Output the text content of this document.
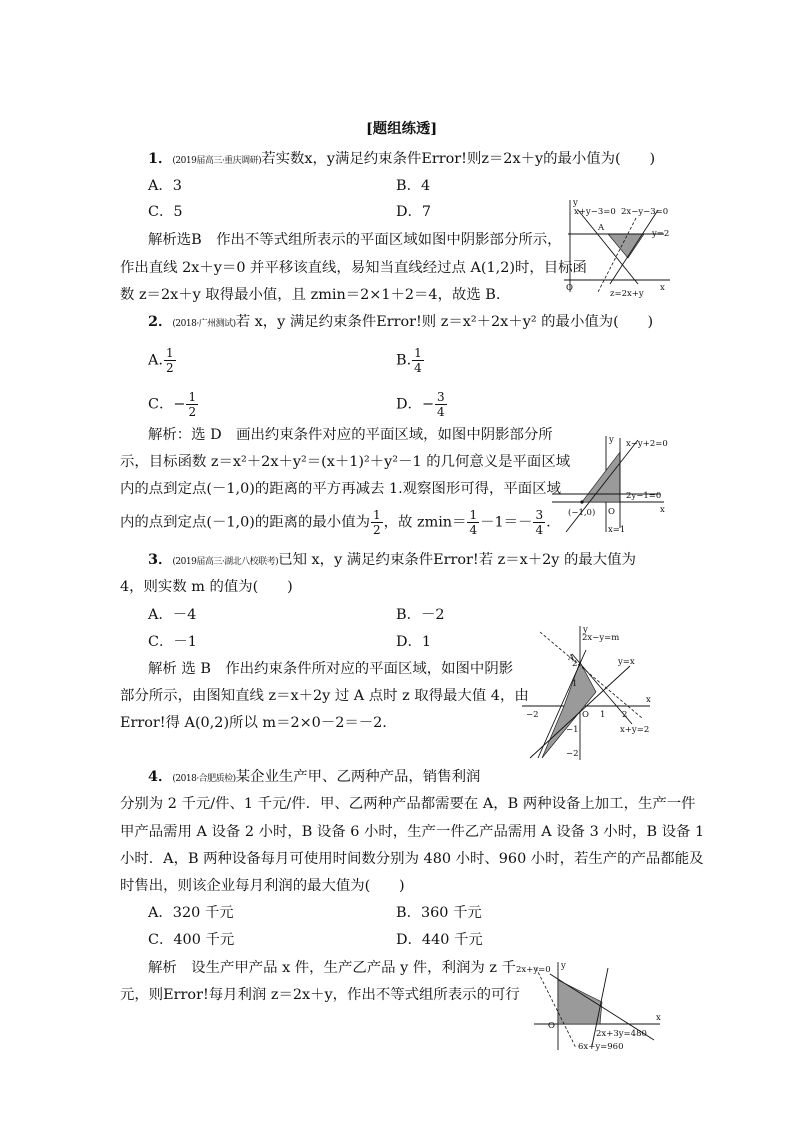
[题组练透]
1．(2019届高三·重庆调研)若实数x，y满足约束条件Error!则z＝2x＋y的最小值为(　　)
A．3	B．4
C．5	D．7
解析选B　作出不等式组所表示的平面区域如图中阴影部分所示，
作出直线 2x＋y＝0 并平移该直线，易知当直线经过点 A(1,2)时，目标函
数 z＝2x＋y 取得最小值，且 zmin＝2×1＋2＝4，故选 B.
x+y−3=0 2x−y−3=0
y=2
A
O	x
y
z=2x+y
2．(2018·广州测试)若 x，y 满足约束条件Error!则 z＝x²＋2x＋y² 的最小值为(　　)
A. $\frac{1}{2}$	B. $\frac{1}{4}$
C．− $\frac{1}{2}$	D．− $\frac{3}{4}$
解析：选 D　画出约束条件对应的平面区域，如图中阴影部分所
示，目标函数 z＝x²＋2x＋y²＝(x＋1)²＋y²－1 的几何意义是平面区域
内的点到定点(－1,0)的距离的平方再减去 1.观察图形可得，平面区域
内的点到定点(－1,0)的距离的最小值为 $\frac{1}{2}$ ，故 $zmin= \frac{1}{4} -1=- \frac{3}{4}$ .
x−y+2=0
2y−1=0
x=1
(−1,0) O	x
y
3．(2019届高三·湖北八校联考)已知 x，y 满足约束条件Error!若 z＝x＋2y 的最大值为
4，则实数 m 的值为(　　)
A．－4	B．－2
C．－1	D．1
解析 选 B　作出约束条件所对应的平面区域，如图中阴影
部分所示，由图知直线 z＝x＋2y 过 A 点时 z 取得最大值 4，由
Error!得 A(0,2)所以 m＝2×0－2＝－2.
2x−y=m
y=x
x+y=2
A
O
x
y
2
1
−1
−2
−2	1 2
4．(2018·合肥质检)某企业生产甲、乙两种产品，销售利润
分别为 2 千元/件、1 千元/件．甲、乙两种产品都需要在 A，B 两种设备上加工，生产一件
甲产品需用 A 设备 2 小时，B 设备 6 小时，生产一件乙产品需用 A 设备 3 小时，B 设备 1
小时．A，B 两种设备每月可使用时间数分别为 480 小时、960 小时，若生产的产品都能及
时售出，则该企业每月利润的最大值为(　　)
A．320 千元	B．360 千元
C．400 千元	D．440 千元
解析　设生产甲产品 x 件，生产乙产品 y 件，利润为 z 千
元，则Error!每月利润 z＝2x＋y，作出不等式组所表示的可行
2x+y=0
2x+3y=480
6x+y=960
O
x
y
